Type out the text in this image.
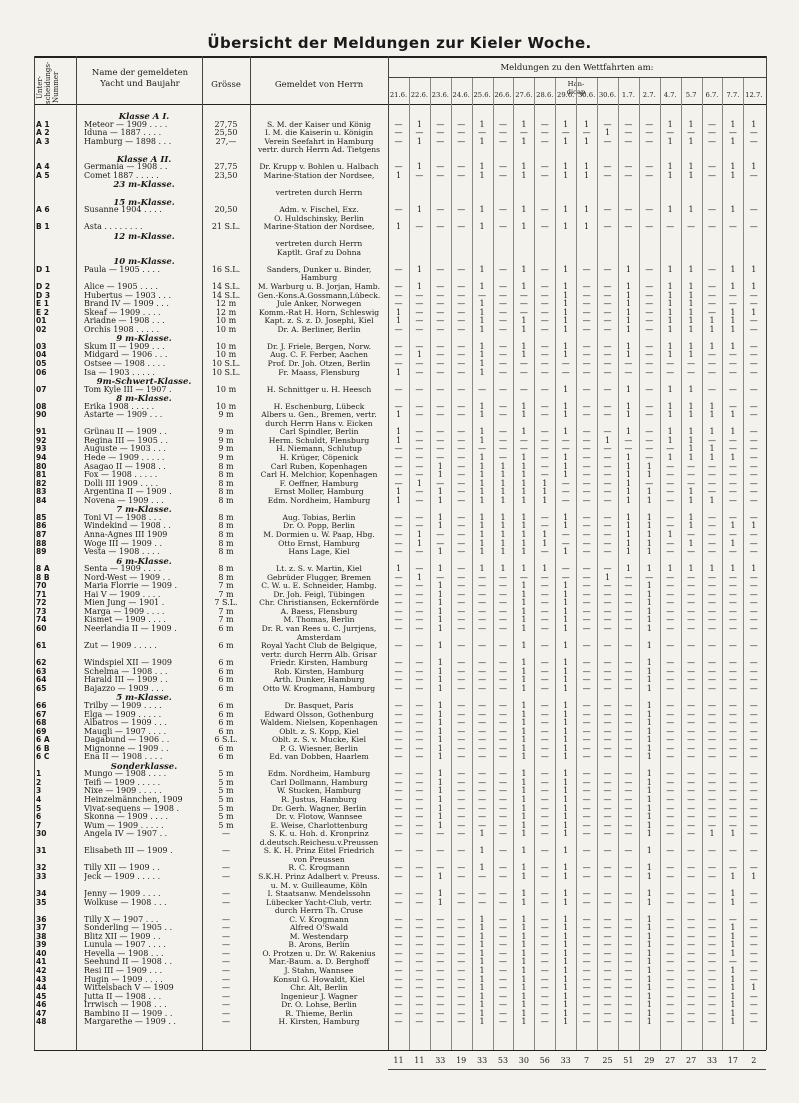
Übersicht der Meldungen zur Kieler Woche.
Unter-scheidungs-Nummer	Name der gemeldeten Yacht und Baujahr	Grösse	Gemeldet von Herrn
Meldungen zu den Wettfahrten am:
Han-dicap
21.6. 22.6. 23.6. 24.6. 25.6. 26.6. 27.6. 28.6. 29.6. 30.6. 30.6. 1.7.	2.7.	4.7.	5.7	6.7.	7.7. 12.7.
Klasse A I.
A 1	Meteor — 1909 . . . .	27,75	S. M. der Kaiser und König	—	1	—	—	1	—	1	—	1	1	—	—	—	1	1	—	1	1
A 2	Iduna — 1887 . . . .	25,50	I. M. die Kaiserin u. Königin	—	—	—	—	—	—	—	—	—	—	1	—	—	—	—	—	—	—
A 3	Hamburg — 1898 . . .	27,—	Verein Seefahrt in Hamburg	—	1	—	—	1	—	1	—	1	1	—	—	—	1	1	—	1	—
vertr. durch Herrn Ad. Tietgens
Klasse A II.
A 4	Germania — 1908 . .	27,75	Dr. Krupp v. Bohlen u. Halbach	—	1	—	—	1	—	1	—	1	1	—	—	—	1	1	—	1	1
A 5	Comet 1887 . . . . .	23,50	Marine-Station der Nordsee,	1	—	—	—	1	—	1	—	1	1	—	—	—	1	1	—	1	—
23 m-Klasse.
vertreten durch Herrn
15 m-Klasse.
A 6	Susanne 1904 . . . .	20,50	Adm. v. Fischel, Exz.	—	1	—	—	1	—	1	—	1	1	—	—	—	1	1	—	1	—
O. Huldschinsky, Berlin
B 1	Asta . . . . . . . .	21 S.L.	Marine-Station der Nordsee,	1	—	—	—	1	—	1	—	1	1	—	—	—	—	—	—	—	—
12 m-Klasse.
vertreten durch Herrn
Kaptlt. Graf zu Dohna
10 m-Klasse.
D 1	Paula — 1905 . . . .	16 S.L.	Sanders, Dunker u. Binder,	—	1	—	—	1	—	1	—	1	—	—	1	—	1	1	—	1	1
Hamburg
D 2	Alice — 1905 . . . .	14 S.L.	M. Warburg u. B. Jorjan, Hamb.	—	1	—	—	1	—	1	—	1	—	—	1	—	1	1	—	1	1
D 3	Hubertus — 1903 . . .	14 S.L.	Gen.-Kons.A.Gossmann,Lübeck.	—	—	—	—	—	—	—	—	1	—	—	1	—	1	1	—	—	—
E 1	Brand IV — 1909 . . .	12 m	Jule Anker, Norwegen	—	—	—	—	1	—	—	—	1	—	—	1	—	1	1	—	—	—
E 2	Skeaf — 1909 . . . .	12 m	Komm.-Rat H. Horn, Schleswig	1	—	—	—	1	—	—	—	1	—	—	1	—	1	1	—	1	1
01	Ariadne — 1908 . . .	10 m	Kapt. z. S. z. D. Josephi, Kiel	1	—	—	—	1	—	1	—	1	—	—	1	—	1	1	1	1	—
02	Orchis 1908 . . . . .	10 m	Dr. A. Berliner, Berlin	—	—	—	—	1	—	1	—	1	—	—	1	—	1	1	1	1	—
9 m-Klasse.
03	Skum II — 1909 . . .	10 m	Dr. J. Friele, Bergen, Norw.	—	—	—	—	1	—	1	—	1	—	—	1	—	1	1	1	1	—
04	Midgard — 1906 . . .	10 m	Aug. C. F. Ferber, Aachen	—	1	—	—	1	—	1	—	1	—	—	1	—	1	1	—	—	—
05	Ostsee — 1908 . . . .	10 S.L.	Prof. Dr. Joh. Otzen, Berlin	—	—	—	—	1	—	—	—	—	—	—	—	—	—	—	—	—	—
06	Isa — 1903 . . . . .	10 S.L.	Fr. Maass, Flensburg	1	—	—	—	1	—	—	—	—	—	—	—	—	—	—	—	—	—
9m-Schwert-Klasse.
07	Tom Kyle III — 1907 .	10 m	H. Schnittger u. H. Heesch	—	—	—	—	—	—	—	—	1	—	—	1	—	1	1	—	—	—
8 m-Klasse.
08	Erika 1908 . . . . .	10 m	H. Eschenburg, Lübeck	—	—	—	—	1	—	1	—	1	—	—	1	—	1	1	1	—	—
90	Astarte — 1909 . . .	9 m	Albers u. Gen., Bremen, vertr.	1	—	—	—	1	—	1	—	1	—	—	1	—	1	1	1	1	—
durch Herrn Hans v. Eicken
91	Grünau II — 1909 . .	9 m	Carl Spindler, Berlin	1	—	—	—	1	—	1	—	1	—	—	1	—	1	1	1	1	—
92	Regina III — 1905 . .	9 m	Herm. Schuldt, Flensburg	1	—	—	—	1	—	—	—	—	—	1	—	—	1	1	—	—	—
93	Auguste — 1903 . . .	9 m	H. Niemann, Schlutup	—	—	—	—	—	—	—	—	—	—	—	—	—	—	1	1	—	—
94	Hede — 1909 . . . . .	9 m	H. Krüger, Cöpenick	—	—	—	—	1	—	1	—	1	—	—	1	—	1	1	1	1	—
80	Asagao II — 1908 . .	8 m	Carl Ruben, Kopenhagen	—	—	1	—	1	1	1	—	1	—	—	1	1	—	—	—	—	—
81	Fox — 1908 . . . . .	8 m	Carl H. Melchior, Kopenhagen	—	—	1	—	1	1	1	—	1	—	—	1	1	—	—	—	—	—
82	Dolli III 1909 . . . .	8 m	F. Oeffner, Hamburg	—	1	—	—	1	1	1	1	—	—	—	1	—	—	—	—	—	—
83	Argentina II — 1909 .	8 m	Ernst Moller, Hamburg	1	—	1	—	1	1	1	1	—	—	—	1	1	—	1	—	—	—
84	Novena — 1909 . . .	8 m	Edm. Nordheim, Hamburg	1	—	1	—	1	1	1	1	—	—	—	1	1	—	1	1	—	—
7 m-Klasse.
85	Toni VI — 1908 . . .	8 m	Aug. Tobias, Berlin	—	—	1	—	1	1	1	—	1	—	—	1	1	—	1	—	—	—
86	Windekind — 1908 . .	8 m	Dr. O. Popp, Berlin	—	—	1	—	1	1	1	—	1	—	—	1	1	—	1	—	1	1
87	Anna-Agnes III 1909	8 m	M. Dormien u. W. Paap, Hbg.	—	1	—	—	1	1	1	1	—	—	—	1	1	1	—	—	—	—
88	Woge III — 1909 . .	8 m	Otto Ernst, Hamburg	—	1	—	—	1	1	1	1	—	—	—	1	1	—	1	—	1	—
89	Vesta — 1908 . . . .	8 m	Hans Lage, Kiel	—	—	1	—	1	1	1	—	1	—	—	1	1	—	—	—	—	—
6 m-Klasse.
8 A	Senta — 1909 . . . .	8 m	Lt. z. S. v. Martin, Kiel	1	—	1	—	1	1	1	1	—	—	—	1	1	1	1	1	1	1
8 B	Nord-West — 1909 . .	8 m	Gebrüder Flugger, Bremen	—	1	—	—	—	—	—	—	—	—	1	—	—	—	—	—	—	—
70	Maria Florrie — 1909 .	7 m	C. W. u. E. Schneider, Hambg.	—	—	1	—	—	—	1	—	1	—	—	—	1	—	—	—	—	—
71	Hai V — 1909 . . . .	7 m	Dr. Joh. Feigl, Tübingen	—	—	1	—	—	—	1	—	1	—	—	—	1	—	—	—	—	—
72	Mien Jung — 1901 .	7 S.L.	Chr. Christiansen, Eckernförde	—	—	1	—	—	—	1	—	1	—	—	—	1	—	—	—	—	—
73	Marga — 1909 . . . .	7 m	A. Baess, Flensburg	—	—	1	—	—	—	1	—	1	—	—	—	1	—	—	—	—	—
74	Kismet — 1909 . . . .	7 m	M. Thomas, Berlin	—	—	1	—	—	—	1	—	1	—	—	—	1	—	—	—	—	—
60	Neerlandia II — 1909 .	6 m	Dr. R. van Rees u. C. Jurrjens,	—	—	1	—	—	—	1	—	1	—	—	—	1	—	—	—	—	—
Amsterdam
61	Zut — 1909 . . . . .	6 m	Royal Yacht Club de Belgique,	—	—	1	—	—	—	1	—	1	—	—	—	1	—	—	—	—	—
vertr. durch Herrn Alb. Grisar
62	Windspiel XII — 1909	6 m	Friedr. Kirsten, Hamburg	—	—	1	—	—	—	1	—	1	—	—	—	1	—	—	—	—	—
63	Schelma — 1908 . . .	6 m	Rob. Kirsten, Hamburg	—	—	1	—	—	—	1	—	1	—	—	—	1	—	—	—	—	—
64	Harald III — 1909 . .	6 m	Arth. Dunker, Hamburg	—	—	1	—	—	—	1	—	1	—	—	—	1	—	—	—	—	—
65	Bajazzo — 1909 . . .	6 m	Otto W. Krogmann, Hamburg	—	—	1	—	—	—	1	—	1	—	—	—	1	—	—	—	—	—
5 m-Klasse.
66	Trilby — 1909 . . . .	6 m	Dr. Basquet, Paris	—	—	1	—	—	—	1	—	1	—	—	—	1	—	—	—	—	—
67	Elga — 1909 . . . . .	6 m	Edward Olsson, Gothenburg	—	—	1	—	—	—	1	—	1	—	—	—	1	—	—	—	—	—
68	Albatros — 1909 . . .	6 m	Waldem. Nielsen, Kopenhagen	—	—	1	—	—	—	1	—	1	—	—	—	1	—	—	—	—	—
69	Maugli — 1907 . . . .	6 m	Oblt. z. S. Kopp, Kiel	—	—	1	—	—	—	1	—	1	—	—	—	1	—	—	—	—	—
6 A	Dagabund — 1906 . .	6 S.L.	Oblt. z. S. v. Mucke, Kiel	—	—	1	—	—	—	1	—	1	—	—	—	1	—	—	—	—	—
6 B	Mignonne — 1909 . .	6 m	P. G. Wiesner, Berlin	—	—	1	—	—	—	1	—	1	—	—	—	1	—	—	—	—	—
6 C	Ena II — 1908 . . . .	6 m	Ed. van Dobben, Haarlem	—	—	1	—	—	—	1	—	1	—	—	—	1	—	—	—	—	—
Sonderklasse.
1	Mungo — 1908 . . . .	5 m	Edm. Nordheim, Hamburg	—	—	1	—	—	—	1	—	1	—	—	—	1	—	—	—	—	—
2	Teifi — 1909 . . . . .	5 m	Carl Dollmann, Hamburg	—	—	1	—	—	—	1	—	1	—	—	—	1	—	—	—	—	—
3	Nixe — 1909 . . . . .	5 m	W. Stucken, Hamburg	—	—	1	—	—	—	1	—	1	—	—	—	1	—	—	—	—	—
4	Heinzelmännchen, 1909	5 m	R. Justus, Hamburg	—	—	1	—	—	—	1	—	1	—	—	—	1	—	—	—	—	—
5	Vivat-sequens — 1908 .	5 m	Dr. Gerh. Wagner, Berlin	—	—	1	—	—	—	1	—	1	—	—	—	1	—	—	—	—	—
6	Skonna — 1909 . . . .	5 m	Dr. v. Flotow, Wannsee	—	—	1	—	—	—	1	—	1	—	—	—	1	—	—	—	—	—
7	Wum — 1909 . . . . .	5 m	E. Weise, Charlottenburg	—	—	1	—	—	—	1	—	1	—	—	—	1	—	—	—	—	—
30	Angela IV — 1907 . .	—	S. K. u. Hoh. d. Kronprinz	—	—	—	—	1	—	1	—	1	—	—	—	1	—	—	1	1	—
d.deutsch.Reichesu.v.Preussen
31	Elisabeth III — 1909 .	—	S. K. H. Prinz Eitel Friedrich	—	—	—	—	1	—	1	—	1	—	—	—	1	—	—	—	—	—
von Preussen
32	Tilly XII — 1909 . .	—	R. C. Krogmann	—	—	—	—	1	—	1	—	1	—	—	—	1	—	—	—	—	—
33	Jeck — 1909 . . . . .	—	S.K.H. Prinz Adalbert v. Preuss.	—	—	1	—	—	—	1	—	1	—	—	—	1	—	—	—	1	1
u. M. v. Guilleaume, Köln
34	Jenny — 1909 . . . .	—	I. Staatsanw. Mendelssohn	—	—	1	—	—	—	1	—	1	—	—	—	1	—	—	—	1	—
35	Wolkuse — 1908 . . .	—	Lübecker Yacht-Club, vertr.	—	—	1	—	—	—	1	—	1	—	—	—	1	—	—	—	1	—
durch Herrn Th. Cruse
36	Tilly X — 1907 . . .	—	C. V. Krogmann	—	—	—	—	1	—	1	—	1	—	—	—	1	—	—	—	—	—
37	Sonderling — 1905 . .	—	Alfred O'Swald	—	—	—	—	1	—	1	—	1	—	—	—	1	—	—	—	1	—
38	Blitz XII — 1909 . .	—	M. Westendarp	—	—	—	—	1	—	1	—	1	—	—	—	1	—	—	—	1	—
39	Lunula — 1907 . . . .	—	B. Arons, Berlin	—	—	—	—	1	—	1	—	1	—	—	—	1	—	—	—	1	—
40	Hevella — 1908 . . .	—	O. Protzen u. Dr. W. Rakenius	—	—	—	—	1	—	1	—	1	—	—	—	1	—	—	—	1	—
41	Seehund II — 1908 . .	—	Mar.-Baum. a. D. Berghoff	—	—	—	—	1	—	1	—	1	—	—	—	1	—	—	—	—	—
42	Resi III — 1909 . . .	—	J. Stahn, Wannsee	—	—	—	—	1	—	1	—	1	—	—	—	1	—	—	—	1	—
43	Hugin — 1909 . . . .	—	Konsul G. Howaldt, Kiel	—	—	—	—	1	—	1	—	1	—	—	—	1	—	—	—	1	—
44	Wittelsbach V — 1909	—	Chr. Alt, Berlin	—	—	—	—	1	—	1	—	1	—	—	—	1	—	—	—	1	1
45	Jutta II — 1908 . . .	—	Ingenieur J. Wagner	—	—	—	—	1	—	1	—	1	—	—	—	1	—	—	—	1	—
46	Irrwisch — 1908 . . .	—	Dr. O. Lohse, Berlin	—	—	—	—	1	—	1	—	1	—	—	—	1	—	—	—	1	—
47	Bambino II — 1909 . .	—	R. Thieme, Berlin	—	—	—	—	1	—	1	—	1	—	—	—	1	—	—	—	1	—
48	Margarethe — 1909 . .	—	H. Kirsten, Hamburg	—	—	—	—	1	—	1	—	1	—	—	—	1	—	—	—	1	—
11	11	33	19	33	53	30	56	33	7	25	51	29	27	27	33	17	2
